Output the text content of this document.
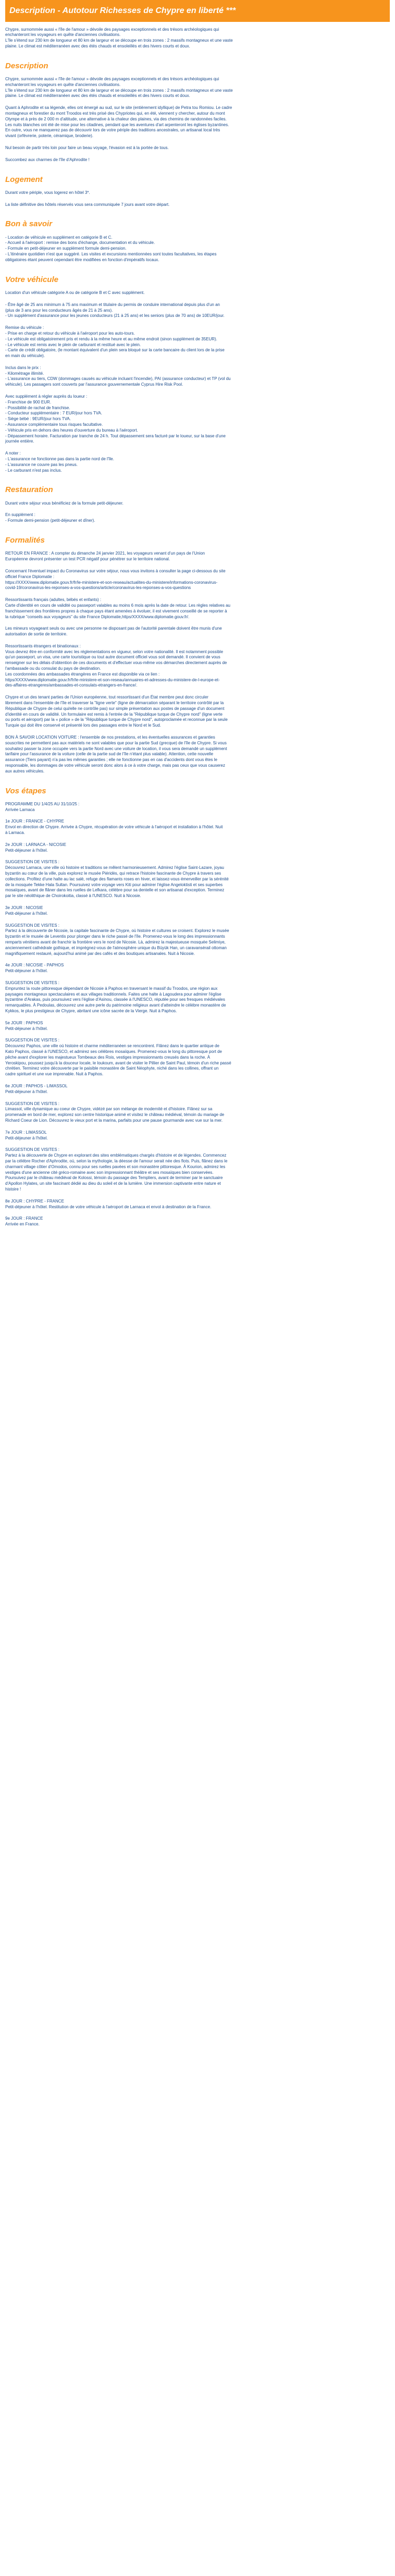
Description - Autotour Richesses de Chypre en liberté ***

Chypre, surnommée aussi « l'île de l'amour » dévoile des paysages exceptionnels et des trésors archéologiques qui

enchanteront les voyageurs en quête d'anciennes civilisations.

L'île s'étend sur 230 km de longueur et 80 km de largeur et se découpe en trois zones : 2 massifs montagneux et une vaste

plaine. Le climat est méditerranéen avec des étés chauds et ensoleillés et des hivers courts et doux.

Description

Chypre, surnommée aussi « l'île de l'amour » dévoile des paysages exceptionnels et des trésors archéologiques qui

enchanteront les voyageurs en quête d'anciennes civilisations.

L'île s'étend sur 230 km de longueur et 80 km de largeur et se découpe en trois zones : 2 massifs montagneux et une vaste

plaine. Le climat est méditerranéen avec des étés chauds et ensoleillés et des hivers courts et doux.

Quant à Aphrodite et sa légende, elles ont émergé au sud, sur le site (entièrement idyllique) de Petra tou Romiou. Le cadre

montagneux et forestier du mont Troodos est très prisé des Chypriotes qui, en été, viennent y chercher, autour du mont

Olympe et à près de 2 000 m d'altitude, une alternative à la chaleur des plaines, via des chemins de randonnées faciles.

Les nuits blanches ont été de mise pour les citadines, pendant que les aventures d'art arpenteront les églises byzantines.

En outre, vous ne manquerez pas de découvrir lors de votre périple des traditions ancestrales, un artisanat local très

vivant (orfèvrerie, poterie, céramique, broderie).

Nul besoin de partir très loin pour faire un beau voyage, l'évasion est à la portée de tous.

Succombez aux charmes de l'île d'Aphrodite !

Logement

Durant votre périple, vous logerez en hôtel 3*.

La liste définitive des hôtels réservés vous sera communiquée 7 jours avant votre départ.

Bon à savoir

- Location de véhicule en supplément en catégorie B et C.

- Accueil à l'aéroport : remise des bons d'échange, documentation et du véhicule.

- Formule en petit-déjeuner en supplément formule demi-pension.

- L'itinéraire quotidien n'est que suggéré. Les visites et excursions mentionnées sont toutes facultatives, les étapes

obligatoires étant peuvent cependant être modifiées en fonction d'impératifs locaux.

Votre véhicule

Location d'un véhicule catégorie A ou de catégorie B et C avec supplément.

- Être âgé de 25 ans minimum à 75 ans maximum et titulaire du permis de conduire international depuis plus d'un an

(plus de 3 ans pour les conducteurs âgés de 21 à 25 ans).

- Un supplément d'assurance pour les jeunes conducteurs (21 à 25 ans) et les seniors (plus de 70 ans) de 10EUR/jour.

Remise du véhicule :

- Prise en charge et retour du véhicule à l'aéroport pour les auto-tours.

- Le véhicule est obligatoirement pris et rendu à la même heure et au même endroit (sinon supplément de 35EUR).

- Le véhicule est remis avec le plein de carburant et restitué avec le plein.

- Carte de crédit obligatoire, (le montant équivalent d'un plein sera bloqué sur la carte bancaire du client lors de la prise

en main du véhicule).

Inclus dans le prix :

- Kilométrage illimité.

- L'assurance au tiers, CDW (dommages causés au véhicule incluant l'incendie), PAI (assurance conducteur) et TP (vol du

véhicule). Les passagers sont couverts par l'assurance gouvernementale Cyprus Hire Risk Pool.

Avec supplément à régler auprès du loueur :

- Franchise de 900 EUR.

- Possibilité de rachat de franchise.

- Conducteur supplémentaire : 7 EUR/jour hors TVA.

- Siège bébé : 9EUR/jour hors TVA.

- Assurance complémentaire tous risques facultative.

- Véhicule pris en dehors des heures d'ouverture du bureau à l'aéroport.

- Dépassement horaire. Facturation par tranche de 24 h. Tout dépassement sera facturé par le loueur, sur la base d'une

journée entière.

A noter :

- L'assurance ne fonctionne pas dans la partie nord de l'île.

- L'assurance ne couvre pas les pneus.

- Le carburant n'est pas inclus.

Restauration

Durant votre séjour vous bénéficiez de la formule petit-déjeuner.

En supplément :

- Formule demi-pension (petit-déjeuner et dîner).

Formalités

RETOUR EN FRANCE : A compter du dimanche 24 janvier 2021, les voyageurs venant d'un pays de l'Union

Européenne devront présenter un test PCR négatif pour pénétrer sur le territoire national.

Concernant l'éventuel impact du Coronavirus sur votre séjour, nous vous invitons à consulter la page ci-dessous du site

officiel France Diplomatie :

https://XXXX/www.diplomatie.gouv.fr/fr/le-ministere-et-son-reseau/actualites-du-ministere/informations-coronavirus-

covid-19/coronavirus-les-reponses-a-vos-questions/article/coronavirus-les-reponses-a-vos-questions

Ressortissants français (adultes, bébés et enfants) :

Carte d'identité en cours de validité ou passeport valables au moins 6 mois après la date de retour. Les règles relatives au

franchissement des frontières propres à chaque pays étant amenées à évoluer, il est vivement conseillé de se reporter à

la rubrique "conseils aux voyageurs" du site France Diplomatie,https/XXXX/www.diplomatie.gouv.fr/.

Les mineurs voyageant seuls ou avec une personne ne disposant pas de l'autorité parentale doivent être munis d'une

autorisation de sortie de territoire.

Ressortissants étrangers et binationaux :

Vous devrez être en conformité avec les réglementations en vigueur, selon votre nationalité. Il est notamment possible

qu'un passeport, un visa, une carte touristique ou tout autre document officiel vous soit demandé. Il convient de vous

renseigner sur les délais d'obtention de ces documents et d'effectuer vous-même vos démarches directement auprès de

l'ambassade ou du consulat du pays de destination.

Les coordonnées des ambassades étrangères en France est disponible via ce lien :

https/XXXX/www.diplomatie.gouv.fr/fr/le-ministere-et-son-reseau/annuaires-et-adresses-du-ministere-de-l-europe-et-

des-affaires-etrangeres/ambassades-et-consulats-etrangers-en-france/.

Chypre et un des tenant parties de l'Union européenne, tout ressortissant d'un État membre peut donc circuler

librement dans l'ensemble de l'île et traverser la "ligne verte" (ligne de démarcation séparant le territoire contrôlé par la

République de Chypre de celui qui/elle ne contrôle pas) sur simple présentation aux postes de passage d'un document

d'identité en cours de validité. Un formulaire est remis à l'entrée de la "République turque de Chypre nord" (ligne verte

ou ports et aéroport) par la « police » de la "République turque de Chypre nord", autoproclamée et reconnue par la seule

Turquie qui doit être conservé et présenté lors des passages entre le Nord et le Sud.

BON À SAVOIR LOCATION VOITURE : l'ensemble de nos prestations, et les éventuelles assurances et garanties

souscrites ne permettent pas aux matériels ne sont valables que pour la partie Sud (grecque) de l'île de Chypre. Si vous

souhaitez passer la zone occupée vers la partie Nord avec une voiture de location, il vous sera demandé un supplément

tarifaire pour l'assurance de la voiture (celle de la partie sud de l'île n'étant plus valable). Attention, cette nouvelle

assurance (Tiers payant) n'a pas les mêmes garanties ; elle ne fonctionne pas en cas d'accidents dont vous êtes le

responsable, les dommages de votre véhicule seront donc alors à ce à votre charge, mais pas ceux que vous causerez

aux autres véhicules.

Vos étapes

PROGRAMME DU 1/4/25 AU 31/10/25 :

Arrivée Larnaca

1e JOUR : FRANCE - CHYPRE

Envol en direction de Chypre. Arrivée à Chypre, récupération de votre véhicule à l'aéroport et installation à l'hôtel. Nuit

à Larnaca.

2e JOUR : LARNACA - NICOSIE

Petit-déjeuner à l'hôtel.

SUGGESTION DE VISITES :

Découvrez Larnaca, une ville où histoire et traditions se mêlent harmonieusement. Admirez l'église Saint-Lazare, joyau

byzantin au cœur de la ville, puis explorez le musée Piéridès, qui retrace l'histoire fascinante de Chypre à travers ses

collections. Profitez d'une halte au lac salé, refuge des flamants roses en hiver, et laissez-vous émerveiller par la sérénité

de la mosquée Tekke Hala Sultan. Poursuivez votre voyage vers Kiti pour admirer l'église Angeloktisti et ses superbes

mosaïques, avant de flâner dans les ruelles de Lefkara, célèbre pour sa dentelle et son artisanat d'exception. Terminez

par le site néolithique de Choirokoitia, classé à l'UNESCO. Nuit à Nicosie.

3e JOUR : NICOSIE

Petit-déjeuner à l'hôtel.

SUGGESTION DE VISITES :

Partez à la découverte de Nicosie, la capitale fascinante de Chypre, où histoire et cultures se croisent. Explorez le musée

byzantin et le musée de Leventis pour plonger dans le riche passé de l'île. Promenez-vous le long des impressionnants

remparts vénitiens avant de franchir la frontière vers le nord de Nicosie. Là, admirez la majestueuse mosquée Selimiye,

anciennement cathédrale gothique, et imprégnez-vous de l'atmosphère unique du Büyük Han, un caravansérail ottoman

magnifiquement restauré, aujourd'hui animé par des cafés et des boutiques artisanales. Nuit à Nicosie.

4e JOUR : NICOSIE - PAPHOS

Petit-déjeuner à l'hôtel.

SUGGESTION DE VISITES :

Empruntez la route pittoresque dépendant de Nicosie à Paphos en traversant le massif du Troodos, une région aux

paysages montagneux spectaculaires et aux villages traditionnels. Faites une halte à Lagoudera pour admirer l'église

byzantine d'Arakas, puis poursuivez vers l'église d'Asinou, classée à l'UNESCO, réputée pour ses fresques médiévales

remarquables. À Pedoulas, découvrez une autre perle du patrimoine religieux avant d'atteindre le célèbre monastère de

Kykkos, le plus prestigieux de Chypre, abritant une icône sacrée de la Vierge. Nuit à Paphos.

5e JOUR : PAPHOS

Petit-déjeuner à l'hôtel.

SUGGESTION DE VISITES :

Découvrez Paphos, une ville où histoire et charme méditerranéen se rencontrent. Flânez dans le quartier antique de

Kato Paphos, classé à l'UNESCO, et admirez ses célèbres mosaïques. Promenez-vous le long du pittoresque port de

pêche avant d'explorer les majestueux Tombeaux des Rois, vestiges impressionnants creusés dans la roche. À

Yeroskipou, poussez jusqu'à la douceur locale, le loukoum, avant de visiter le Pillier de Saint Paul, témoin d'un riche passé

chrétien. Terminez votre découverte par le paisible monastère de Saint Néophyte, niché dans les collines, offrant un

cadre spirituel et une vue imprenable. Nuit à Paphos.

6e JOUR : PAPHOS - LIMASSOL

Petit-déjeuner à l'hôtel.

SUGGESTION DE VISITES :

Limassol, ville dynamique au coeur de Chypre, vidézé par son mélange de modernité et d'histoire. Flânez sur sa

promenade en bord de mer, explorez son centre historique animé et visitez le château médiéval, témoin du mariage de

Richard Coeur de Lion. Découvrez le vieux port et la marina, parfaits pour une pause gourmande avec vue sur la mer.

7e JOUR : LIMASSOL

Petit-déjeuner à l'hôtel.

SUGGESTION DE VISITES :

Partez à la découverte de Chypre en explorant des sites emblématiques chargés d'histoire et de légendes. Commencez

par la célèbre Rocher d'Aphrodite, où, selon la mythologie, la déesse de l'amour serait née des flots. Puis, flânez dans le

charmant village côtier d'Omodos, connu pour ses ruelles pavées et son monastère pittoresque. À Kourion, admirez les

vestiges d'une ancienne cité gréco-romaine avec son impressionnant théâtre et ses mosaïques bien conservées.

Poursuivez par le château médiéval de Kolossi, témoin du passage des Templiers, avant de terminer par le sanctuaire

d'Apollon Hylates, un site fascinant dédié au dieu du soleil et de la lumière. Une immersion captivante entre nature et

histoire !

8e JOUR : CHYPRE - FRANCE

Petit-déjeuner à l'hôtel. Restitution de votre véhicule à l'aéroport de Larnaca et envol à destination de la France.

9e JOUR : FRANCE

Arrivée en France.
